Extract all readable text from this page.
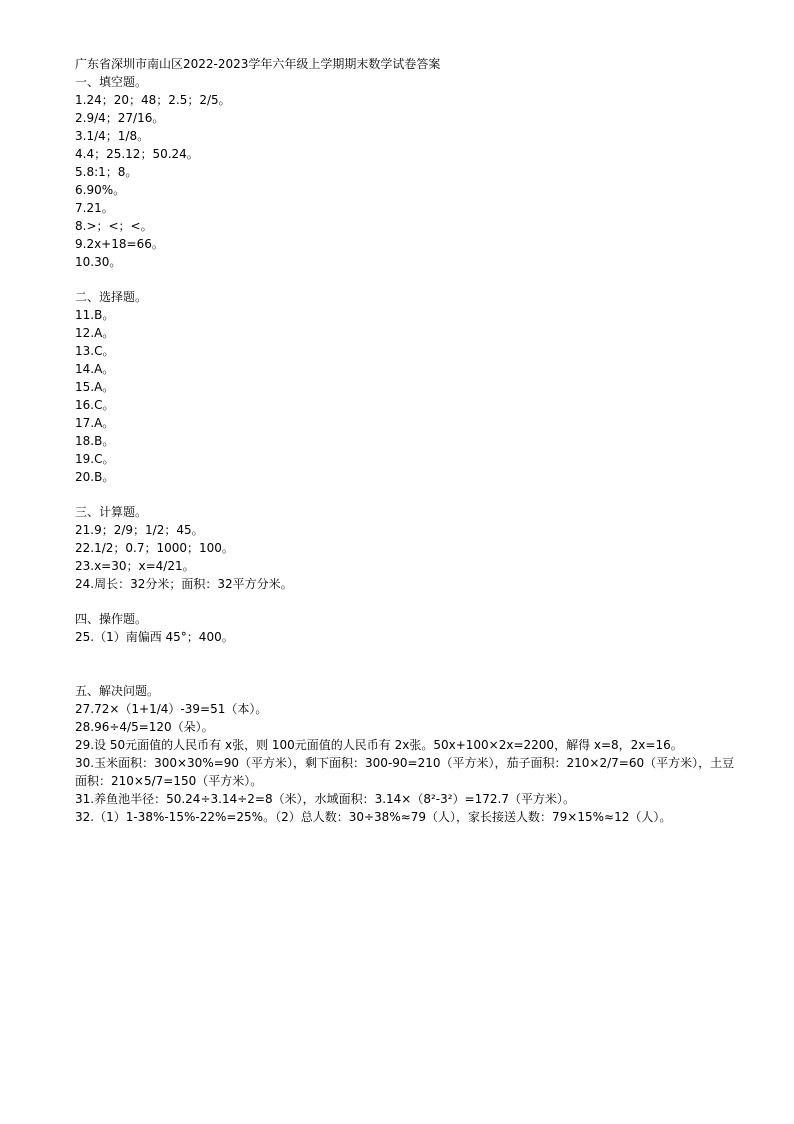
广东省深圳市南山区2022-2023学年六年级上学期期末数学试卷答案
一、填空题。
1.24；20；48；2.5；2/5。
2.9/4；27/16。
3.1/4；1/8。
4.4；25.12；50.24。
5.8:1；8。
6.90%。
7.21。
8.>；<；<。
9.2x+18=66。
10.30。
二、选择题。
11.B。
12.A。
13.C。
14.A。
15.A。
16.C。
17.A。
18.B。
19.C。
20.B。
三、计算题。
21.9；2/9；1/2；45。
22.1/2；0.7；1000；100。
23.x=30；x=4/21。
24.周长：32分米；面积：32平方分米。
四、操作题。
25.（1）南偏西 45°；400。
五、解决问题。
27.72×（1+1/4）-39=51（本）。
28.96÷4/5=120（朵）。
29.设 50元面值的人民币有 x张，则 100元面值的人民币有 2x张。50x+100×2x=2200，解得 x=8，2x=16。
30.玉米面积：300×30%=90（平方米），剩下面积：300-90=210（平方米），茄子面积：210×2/7=60（平方米），土豆面积：210×5/7=150（平方米）。
31.养鱼池半径：50.24÷3.14÷2=8（米），水域面积：3.14×（8²-3²）=172.7（平方米）。
32.（1）1-38%-15%-22%=25%。（2）总人数：30÷38%≈79（人），家长接送人数：79×15%≈12（人）。
